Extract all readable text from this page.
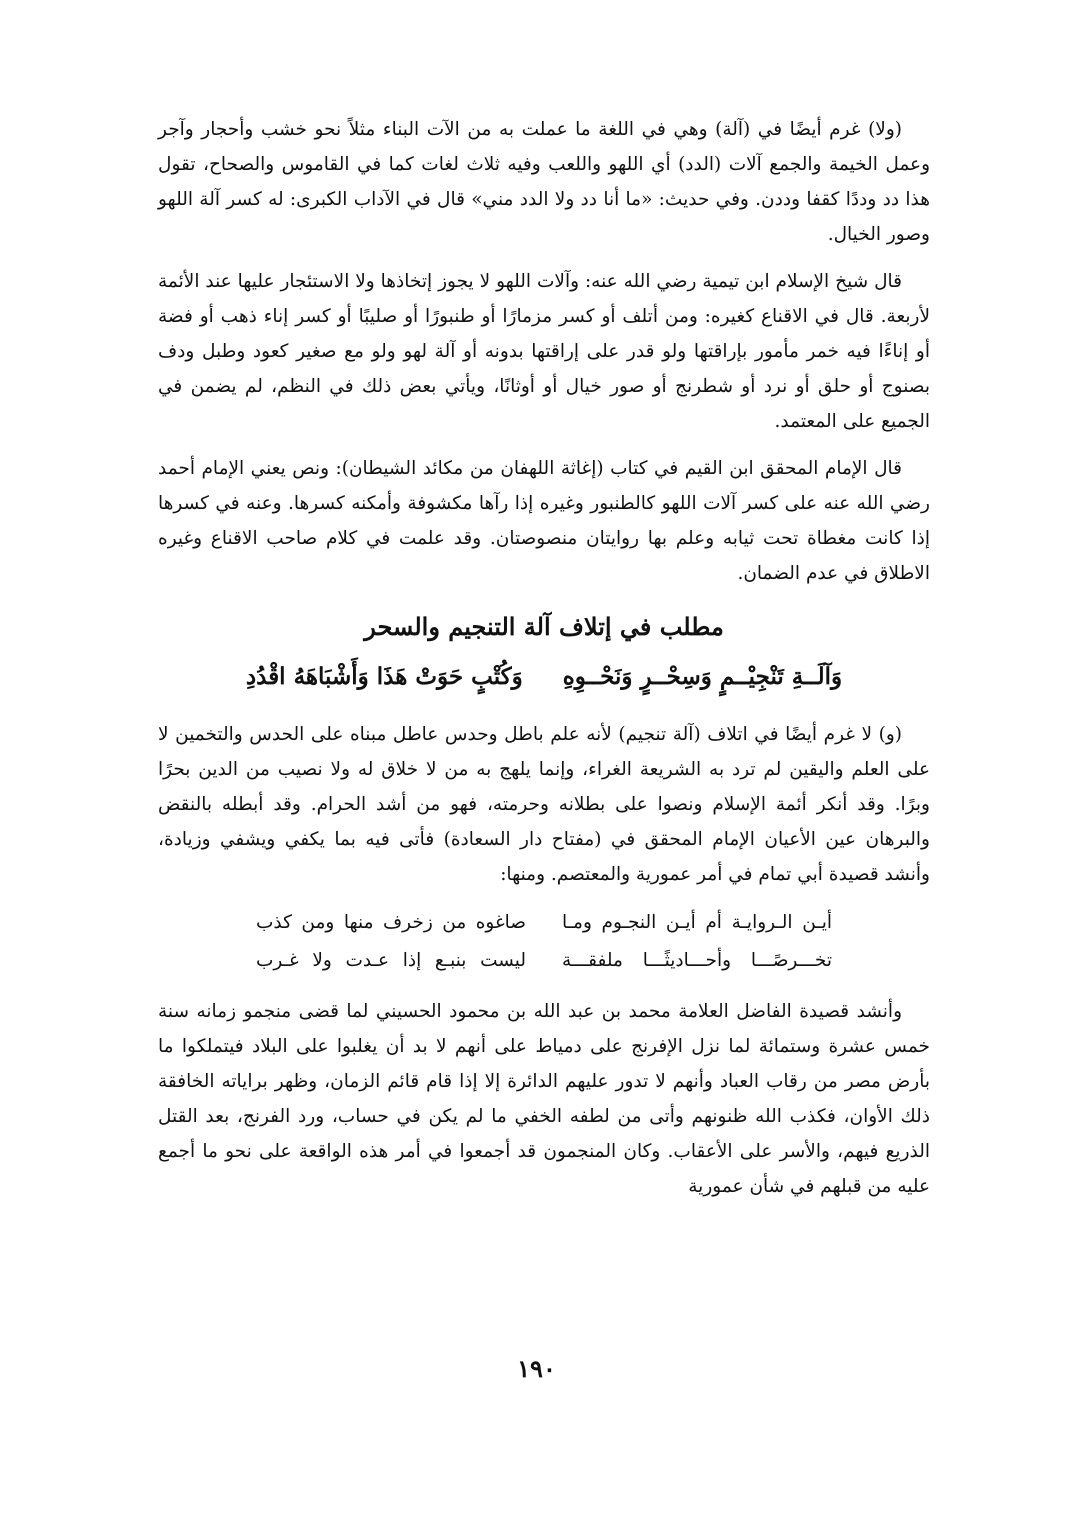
(ولا) غرم أيضًا في (آلة) وهي في اللغة ما عملت به من الآت البناء مثلاً نحو خشب وأحجار وآجر وعمل الخيمة والجمع آلات (الدد) أي اللهو واللعب وفيه ثلاث لغات كما في القاموس والصحاح، تقول هذا دد وددًا كقفا وددن. وفي حديث: «ما أنا دد ولا الدد مني» قال في الآداب الكبرى: له كسر آلة اللهو وصور الخيال.

قال شيخ الإسلام ابن تيمية رضي الله عنه: وآلات اللهو لا يجوز إتخاذها ولا الاستئجار عليها عند الأئمة لأربعة. قال في الاقناع كغيره: ومن أتلف أو كسر مزمارًا أو طنبورًا أو صليبًا أو كسر إناء ذهب أو فضة أو إناءًا فيه خمر مأمور بإراقتها ولو قدر على إراقتها بدونه أو آلة لهو ولو مع صغير كعود وطبل ودف بصنوج أو حلق أو نرد أو شطرنج أو صور خيال أو أوثانًا، ويأتي بعض ذلك في النظم، لم يضمن في الجميع على المعتمد.

قال الإمام المحقق ابن القيم في كتاب (إغاثة اللهفان من مكائد الشيطان): ونص يعني الإمام أحمد رضي الله عنه على كسر آلات اللهو كالطنبور وغيره إذا رآها مكشوفة وأمكنه كسرها. وعنه في كسرها إذا كانت مغطاة تحت ثيابه وعلم بها روايتان منصوصتان. وقد علمت في كلام صاحب الاقناع وغيره الاطلاق في عدم الضمان.

مطلب في إتلاف آلة التنجيم والسحر
وَآلَــةِ تَنْجِيْــمٍ وَسِحْــرٍ وَنَحْــوِهِ
وَكُتْبٍ حَوَتْ هَذَا وَأَشْبَاهَهُ اقْدُدِ

(و) لا غرم أيضًا في اتلاف (آلة تنجيم) لأنه علم باطل وحدس عاطل مبناه على الحدس والتخمين لا على العلم واليقين لم ترد به الشريعة الغراء، وإنما يلهج به من لا خلاق له ولا نصيب من الدين بحرًا وبرًا. وقد أنكر أئمة الإسلام ونصوا على بطلانه وحرمته، فهو من أشد الحرام. وقد أبطله بالنقض والبرهان عين الأعيان الإمام المحقق في (مفتاح دار السعادة) فأتى فيه بما يكفي ويشفي وزيادة، وأنشد قصيدة أبي تمام في أمر عمورية والمعتصم. ومنها:

أيـن الـروايـة أم أيـن النجـوم ومـا
صاغوه من زخرف منها ومن كذب
تخـــرصًـــا وأحـــاديثًـــا ملفقـــة
ليست بنبـع إذا عـدت ولا غـرب

وأنشد قصيدة الفاضل العلامة محمد بن عبد الله بن محمود الحسيني لما قضى منجمو زمانه سنة خمس عشرة وستمائة لما نزل الإفرنج على دمياط على أنهم لا بد أن يغلبوا على البلاد فيتملكوا ما بأرض مصر من رقاب العباد وأنهم لا تدور عليهم الدائرة إلا إذا قام قائم الزمان، وظهر براياته الخافقة ذلك الأوان، فكذب الله ظنونهم وأتى من لطفه الخفي ما لم يكن في حساب، ورد الفرنج، بعد القتل الذريع فيهم، والأسر على الأعقاب. وكان المنجمون قد أجمعوا في أمر هذه الواقعة على نحو ما أجمع عليه من قبلهم في شأن عمورية

١٩٠
